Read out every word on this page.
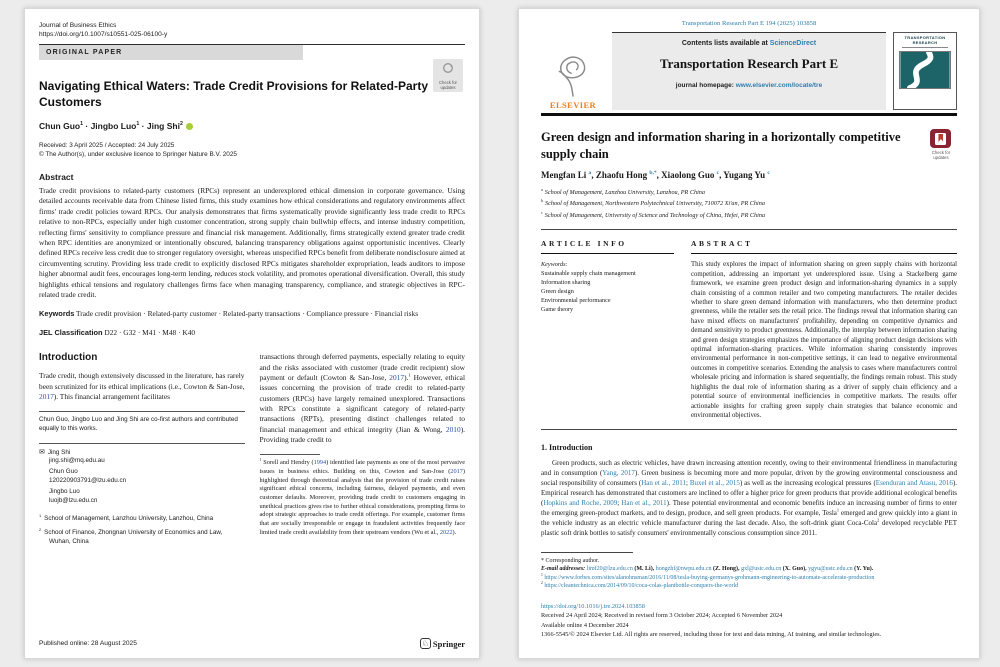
Journal of Business Ethics
https://doi.org/10.1007/s10551-025-06100-y
ORIGINAL PAPER
Check for updates
Navigating Ethical Waters: Trade Credit Provisions for Related-Party Customers
Chun Guo$^1$ · Jingbo Luo$^1$ · Jing Shi$^2$
Received: 3 April 2025 / Accepted: 24 July 2025
© The Author(s), under exclusive licence to Springer Nature B.V. 2025
Abstract

Trade credit provisions to related-party customers (RPCs) represent an underexplored ethical dimension in corporate governance. Using detailed accounts receivable data from Chinese listed firms, this study examines how ethical considerations and regulatory environments affect firms' trade credit policies toward RPCs. Our analysis demonstrates that firms systematically provide significantly less trade credit to RPCs relative to non-RPCs, especially under high customer concentration, strong supply chain bullwhip effects, and intense industry competition, reflecting firms' sensitivity to compliance pressure and financial risk management. Additionally, firms strategically extend greater trade credit when RPC identities are anonymized or intentionally obscured, balancing transparency obligations against opportunistic incentives. Clearly defined RPCs receive less credit due to stronger regulatory oversight, whereas unspecified RPCs benefit from deliberate nondisclosure aimed at circumventing scrutiny. Providing less trade credit to explicitly disclosed RPCs mitigates shareholder expropriation, leads auditors to impose higher abnormal audit fees, encourages long-term lending, reduces stock volatility, and promotes operational diversification. Overall, this study highlights ethical tensions and regulatory challenges firms face when managing transparency, compliance, and strategic objectives in RPC-related trade credit.

Keywords Trade credit provision · Related-party customer · Related-party transactions · Compliance pressure · Financial risks

JEL Classification D22 · G32 · M41 · M48 · K40

Introduction

Trade credit, though extensively discussed in the literature, has rarely been scrutinized for its ethical implications (i.e., Cowton & San-Jose, 2017). This financial arrangement facilitates

Chun Guo, Jingbo Luo and Jing Shi are co-first authors and contributed equally to this works.

✉ Jing Shi
jing.shi@mq.edu.au
Chun Guo
120220903791@lzu.edu.cn
Jingbo Luo
luojb@lzu.edu.cn
$^1$ School of Management, Lanzhou University, Lanzhou, China
$^2$ School of Finance, Zhongnan University of Economics and Law, Wuhan, China

transactions through deferred payments, especially relating to equity and the risks associated with customer (trade credit recipient) slow payment or default (Cowton & San-Jose, 2017).$^1$ However, ethical issues concerning the provision of trade credit to related-party customers (RPCs) have largely remained unexplored. Transactions with RPCs constitute a significant category of related-party transactions (RPTs), presenting distinct challenges related to financial management and ethical integrity (Jian & Wong, 2010). Providing trade credit to

$^1$ Sorell and Hendry (1994) identified late payments as one of the most pervasive issues in business ethics. Building on this, Cowton and San-Jose (2017) highlighted through theoretical analysis that the provision of trade credit raises significant ethical concerns, including fairness, delayed payments, and even customer defaults. Moreover, providing trade credit to customers engaging in unethical practices gives rise to further ethical considerations, prompting firms to adopt strategic approaches to trade credit offerings. For example, customer firms that are socially irresponsible or engage in fraudulent activities frequently face limited trade credit availability from their upstream vendors (Wu et al., 2022).

Published online: 28 August 2025	♘ Springer
Transportation Research Part E 194 (2025) 103858
ELSEVIER
Contents lists available at ScienceDirect
Transportation Research Part E
journal homepage: www.elsevier.com/locate/tre
TRANSPORTATION
RESEARCH
Green design and information sharing in a horizontally competitive supply chain	Check for updates
Mengfan Li $^a$, Zhaofu Hong $^{b,*}$, Xiaolong Guo $^c$, Yugang Yu $^c$
$^a$ School of Management, Lanzhou University, Lanzhou, PR China
$^b$ School of Management, Northwestern Polytechnical University, 710072 Xi'an, PR China
$^c$ School of Management, University of Science and Technology of China, Hefei, PR China
ARTICLE INFO
Keywords:
Sustainable supply chain management
Information sharing
Green design
Environmental performance
Game theory
ABSTRACT

This study explores the impact of information sharing on green supply chains with horizontal competition, addressing an important yet underexplored issue. Using a Stackelberg game framework, we examine green product design and information-sharing dynamics in a supply chain consisting of a common retailer and two competing manufacturers. The retailer decides whether to share green demand information with manufacturers, who then determine product greenness, while the retailer sets the retail price. The findings reveal that information sharing can have mixed effects on manufacturers' profitability, depending on competitive dynamics and demand sensitivity to product greenness. Additionally, the interplay between information sharing and green design strategies emphasizes the importance of aligning product design decisions with optimal information-sharing practices. While information sharing consistently improves environmental performance in non-competitive settings, it can lead to negative environmental outcomes in competitive scenarios. Extending the analysis to cases where manufacturers control wholesale pricing and information is shared sequentially, the findings remain robust. This study highlights the dual role of information sharing as a driver of supply chain efficiency and a potential source of environmental inefficiencies in competitive markets. The results offer actionable insights for crafting green supply chain strategies that balance economic and environmental objectives.

1. Introduction

Green products, such as electric vehicles, have drawn increasing attention recently, owing to their environmental friendliness in manufacturing and in consumption (Yang, 2017). Green business is becoming more and more popular, driven by the growing environmental consciousness and social responsibility of consumers (Han et al., 2011; Buxel et al., 2015) as well as the increasing ecological pressures (Esenduran and Atasu, 2016). Empirical research has demonstrated that customers are inclined to offer a higher price for green products that provide additional ecological benefits (Hopkins and Roche, 2009; Han et al., 2011). These potential environmental and economic benefits induce an increasing number of firms to enter the emerging green-product markets, and to design, produce, and sell green products. For example, Tesla$^1$ emerged and grew quickly into a giant in the vehicle industry as an electric vehicle manufacturer during the last decade. Also, the soft-drink giant Coca-Cola$^2$ developed recyclable PET plastic soft drink bottles to satisfy consumers' environmentally conscious consumption since 2011.

* Corresponding author.
E-mail addresses: limf20@lzu.edu.cn (M. Li), hongzhf@nwpu.edu.cn (Z. Hong), gxl@ustc.edu.cn (X. Guo), ygyu@ustc.edu.cn (Y. Yu).
$^1$ https://www.forbes.com/sites/alanohnsman/2016/11/08/tesla-buying-germanys-grohmann-engineering-to-automate-accelerate-production
$^2$ https://cleantechnica.com/2014/09/10/coca-colas-plantbottle-conquers-the-world
https://doi.org/10.1016/j.tre.2024.103858
Received 24 April 2024; Received in revised form 3 October 2024; Accepted 6 November 2024
Available online 4 December 2024
1366-5545/© 2024 Elsevier Ltd. All rights are reserved, including those for text and data mining, AI training, and similar technologies.
